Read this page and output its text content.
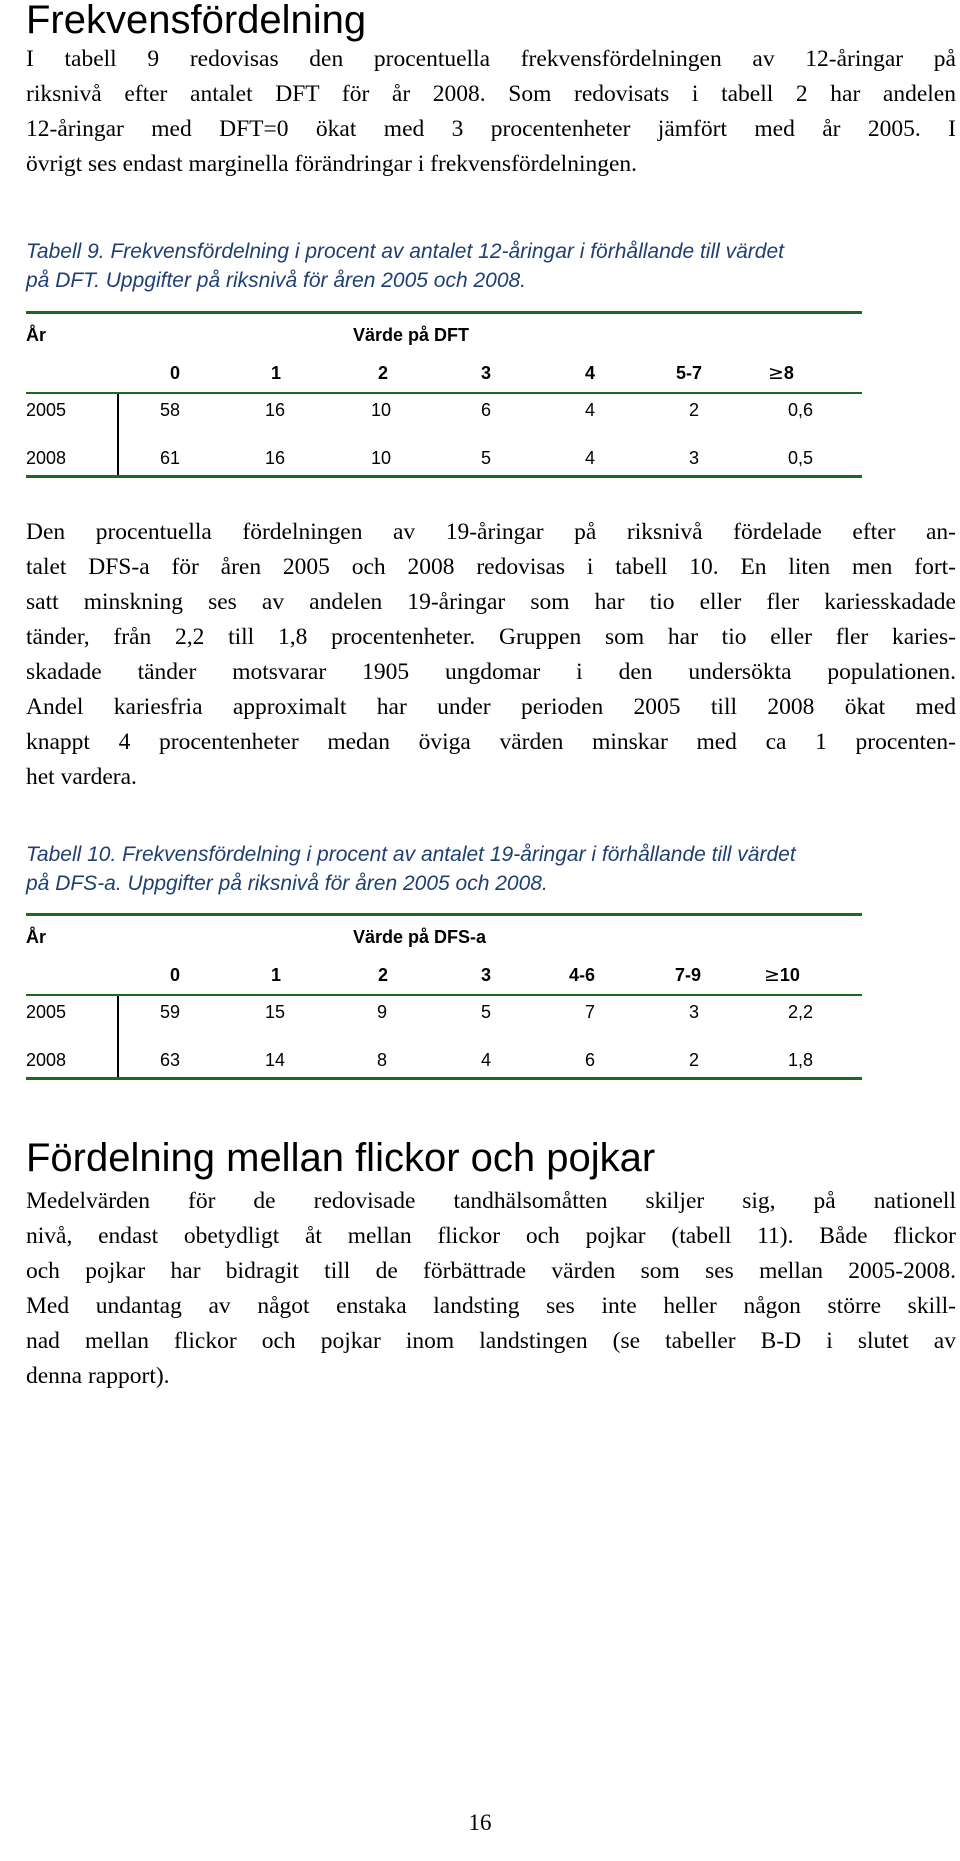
Frekvensfördelning
I tabell 9 redovisas den procentuella frekvensfördelningen av 12-åringar på
riksnivå efter antalet DFT för år 2008. Som redovisats i tabell 2 har andelen
12-åringar med DFT=0 ökat med 3 procentenheter jämfört med år 2005. I
övrigt ses endast marginella förändringar i frekvensfördelningen.
Tabell 9. Frekvensfördelning i procent av antalet 12-åringar i förhållande till värdet
på DFT. Uppgifter på riksnivå för åren 2005 och 2008.
År	Värde på DFT
0	1	2	3	4	5-7	≥8
2005	58	16	10	6	4	2	0,6
2008	61	16	10	5	4	3	0,5
Den procentuella fördelningen av 19-åringar på riksnivå fördelade efter an-
talet DFS-a för åren 2005 och 2008 redovisas i tabell 10. En liten men fort-
satt minskning ses av andelen 19-åringar som har tio eller fler kariesskadade
tänder, från 2,2 till 1,8 procentenheter. Gruppen som har tio eller fler karies-
skadade tänder motsvarar 1905 ungdomar i den undersökta populationen.
Andel kariesfria approximalt har under perioden 2005 till 2008 ökat med
knappt 4 procentenheter medan öviga värden minskar med ca 1 procenten-
het vardera.
Tabell 10. Frekvensfördelning i procent av antalet 19-åringar i förhållande till värdet
på DFS-a. Uppgifter på riksnivå för åren 2005 och 2008.
År	Värde på DFS-a
0	1	2	3	4-6	7-9	≥10
2005	59	15	9	5	7	3	2,2
2008	63	14	8	4	6	2	1,8
Fördelning mellan flickor och pojkar
Medelvärden för de redovisade tandhälsomåtten skiljer sig, på nationell
nivå, endast obetydligt åt mellan flickor och pojkar (tabell 11). Både flickor
och pojkar har bidragit till de förbättrade värden som ses mellan 2005-2008.
Med undantag av något enstaka landsting ses inte heller någon större skill-
nad mellan flickor och pojkar inom landstingen (se tabeller B-D i slutet av
denna rapport).
16
